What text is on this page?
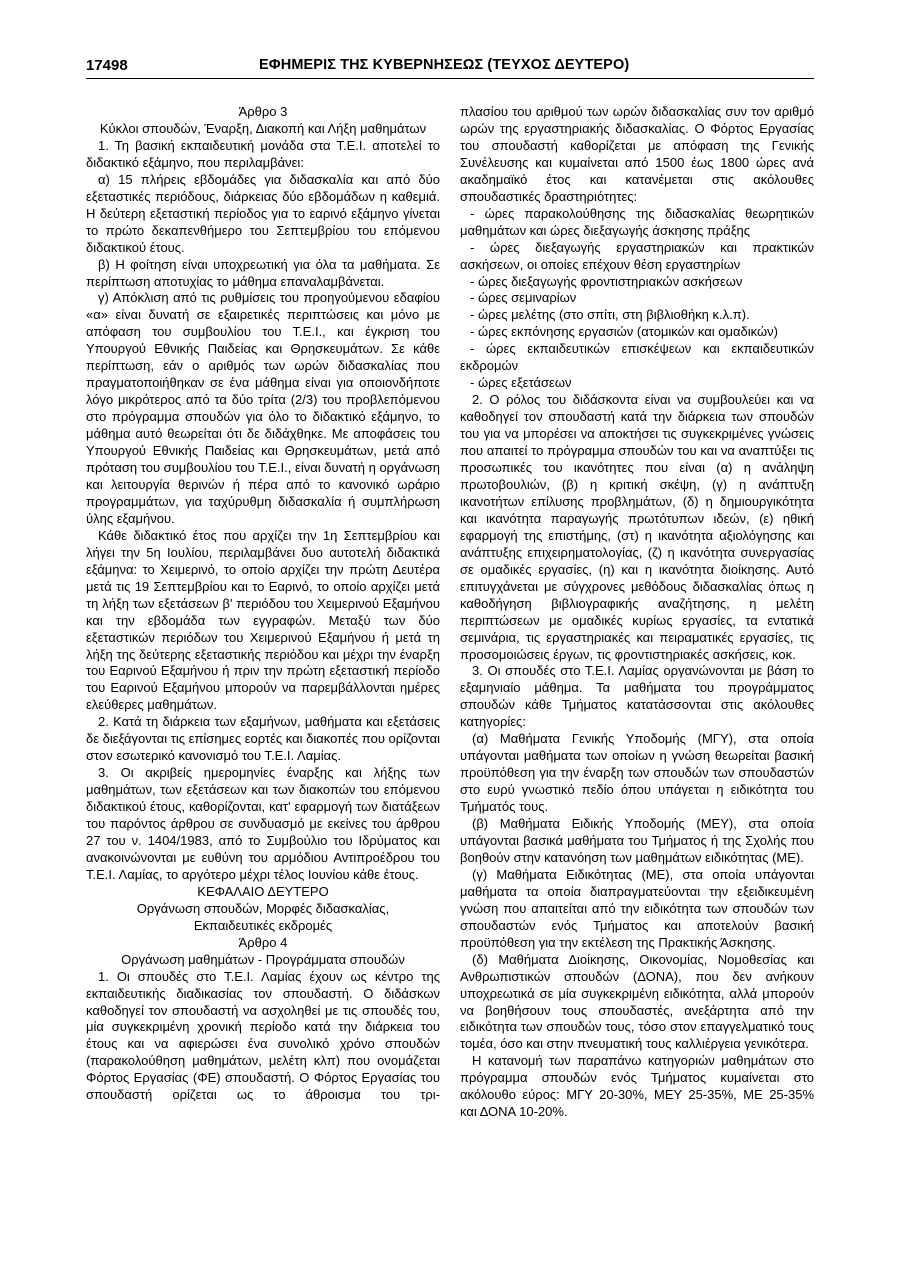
17498	ΕΦΗΜΕΡΙΣ ΤΗΣ ΚΥΒΕΡΝΗΣΕΩΣ (ΤΕΥΧΟΣ ΔΕΥΤΕΡΟ)

Άρθρο 3

Κύκλοι σπουδών, Έναρξη, Διακοπή και Λήξη μαθημάτων

1. Τη βασική εκπαιδευτική μονάδα στα Τ.Ε.Ι. αποτελεί το διδακτικό εξάμηνο, που περιλαμβάνει:

α) 15 πλήρεις εβδομάδες για διδασκαλία και από δύο εξεταστικές περιόδους, διάρκειας δύο εβδομάδων η καθεμιά. Η δεύτερη εξεταστική περίοδος για το εαρινό εξάμηνο γίνεται το πρώτο δεκαπενθήμερο του Σεπτεμβρίου του επόμενου διδακτικού έτους.

β) Η φοίτηση είναι υποχρεωτική για όλα τα μαθήματα. Σε περίπτωση αποτυχίας το μάθημα επαναλαμβάνεται.

γ) Απόκλιση από τις ρυθμίσεις του προηγούμενου εδαφίου «α» είναι δυνατή σε εξαιρετικές περιπτώσεις και μόνο με απόφαση του συμβουλίου του Τ.Ε.Ι., και έγκριση του Υπουργού Εθνικής Παιδείας και Θρησκευμάτων. Σε κάθε περίπτωση, εάν ο αριθμός των ωρών διδασκαλίας που πραγματοποιήθηκαν σε ένα μάθημα είναι για οποιονδήποτε λόγο μικρότερος από τα δύο τρίτα (2/3) του προβλεπόμενου στο πρόγραμμα σπουδών για όλο το διδακτικό εξάμηνο, το μάθημα αυτό θεωρείται ότι δε διδάχθηκε. Με αποφάσεις του Υπουργού Εθνικής Παιδείας και Θρησκευμάτων, μετά από πρόταση του συμβουλίου του Τ.Ε.Ι., είναι δυνατή η οργάνωση και λειτουργία θερινών ή πέρα από το κανονικό ωράριο προγραμμάτων, για ταχύρυθμη διδασκαλία ή συμπλήρωση ύλης εξαμήνου.

Κάθε διδακτικό έτος που αρχίζει την 1η Σεπτεμβρίου και λήγει την 5η Ιουλίου, περιλαμβάνει δυο αυτοτελή διδακτικά εξάμηνα: το Χειμερινό, το οποίο αρχίζει την πρώτη Δευτέρα μετά τις 19 Σεπτεμβρίου και το Εαρινό, το οποίο αρχίζει μετά τη λήξη των εξετάσεων β' περιόδου του Χειμερινού Εξαμήνου και την εβδομάδα των εγγραφών. Μεταξύ των δύο εξεταστικών περιόδων του Χειμερινού Εξαμήνου ή μετά τη λήξη της δεύτερης εξεταστικής περιόδου και μέχρι την έναρξη του Εαρινού Εξαμήνου ή πριν την πρώτη εξεταστική περίοδο του Εαρινού Εξαμήνου μπορούν να παρεμβάλλονται ημέρες ελεύθερες μαθημάτων.

2. Κατά τη διάρκεια των εξαμήνων, μαθήματα και εξετάσεις δε διεξάγονται τις επίσημες εορτές και διακοπές που ορίζονται στον εσωτερικό κανονισμό του Τ.Ε.Ι. Λαμίας.

3. Οι ακριβείς ημερομηνίες έναρξης και λήξης των μαθημάτων, των εξετάσεων και των διακοπών του επόμενου διδακτικού έτους, καθορίζονται, κατ' εφαρμογή των διατάξεων του παρόντος άρθρου σε συνδυασμό με εκείνες του άρθρου 27 του ν. 1404/1983, από το Συμβούλιο του Ιδρύματος και ανακοινώνονται με ευθύνη του αρμόδιου Αντιπροέδρου του Τ.Ε.Ι. Λαμίας, το αργότερο μέχρι τέλος Ιουνίου κάθε έτους.

ΚΕΦΑΛΑΙΟ ΔΕΥΤΕΡΟ

Οργάνωση σπουδών, Μορφές διδασκαλίας,

Εκπαιδευτικές εκδρομές

Άρθρο 4

Οργάνωση μαθημάτων - Προγράμματα σπουδών

1. Οι σπουδές στο Τ.Ε.Ι. Λαμίας έχουν ως κέντρο της εκπαιδευτικής διαδικασίας τον σπουδαστή. Ο διδάσκων καθοδηγεί τον σπουδαστή να ασχοληθεί με τις σπουδές του, μία συγκεκριμένη χρονική περίοδο κατά την διάρκεια του έτους και να αφιερώσει ένα συνολικό χρόνο σπουδών (παρακολούθηση μαθημάτων, μελέτη κλπ) που ονομάζεται Φόρτος Εργασίας (ΦΕ) σπουδαστή. Ο Φόρτος Εργασίας του σπουδαστή ορίζεται ως το άθροισμα του τρι-

πλασίου του αριθμού των ωρών διδασκαλίας συν τον αριθμό ωρών της εργαστηριακής διδασκαλίας. Ο Φόρτος Εργασίας του σπουδαστή καθορίζεται με απόφαση της Γενικής Συνέλευσης και κυμαίνεται από 1500 έως 1800 ώρες ανά ακαδημαϊκό έτος και κατανέμεται στις ακόλουθες σπουδαστικές δραστηριότητες:

- ώρες παρακολούθησης της διδασκαλίας θεωρητικών μαθημάτων και ώρες διεξαγωγής άσκησης πράξης

- ώρες διεξαγωγής εργαστηριακών και πρακτικών ασκήσεων, οι οποίες επέχουν θέση εργαστηρίων

- ώρες διεξαγωγής φροντιστηριακών ασκήσεων

- ώρες σεμιναρίων

- ώρες μελέτης (στο σπίτι, στη βιβλιοθήκη κ.λ.π).

- ώρες εκπόνησης εργασιών (ατομικών και ομαδικών)

- ώρες εκπαιδευτικών επισκέψεων και εκπαιδευτικών εκδρομών

- ώρες εξετάσεων

2. Ο ρόλος του διδάσκοντα είναι να συμβουλεύει και να καθοδηγεί τον σπουδαστή κατά την διάρκεια των σπουδών του για να μπορέσει να αποκτήσει τις συγκεκριμένες γνώσεις που απαιτεί το πρόγραμμα σπουδών του και να αναπτύξει τις προσωπικές του ικανότητες που είναι (α) η ανάληψη πρωτοβουλιών, (β) η κριτική σκέψη, (γ) η ανάπτυξη ικανοτήτων επίλυσης προβλημάτων, (δ) η δημιουργικότητα και ικανότητα παραγωγής πρωτότυπων ιδεών, (ε) ηθική εφαρμογή της επιστήμης, (στ) η ικανότητα αξιολόγησης και ανάπτυξης επιχειρηματολογίας, (ζ) η ικανότητα συνεργασίας σε ομαδικές εργασίες, (η) και η ικανότητα διοίκησης. Αυτό επιτυγχάνεται με σύγχρονες μεθόδους διδασκαλίας όπως η καθοδήγηση βιβλιογραφικής αναζήτησης, η μελέτη περιπτώσεων με ομαδικές κυρίως εργασίες, τα εντατικά σεμινάρια, τις εργαστηριακές και πειραματικές εργασίες, τις προσομοιώσεις έργων, τις φροντιστηριακές ασκήσεις, κοκ.

3. Οι σπουδές στο Τ.Ε.Ι. Λαμίας οργανώνονται με βάση το εξαμηνιαίο μάθημα. Τα μαθήματα του προγράμματος σπουδών κάθε Τμήματος κατατάσσονται στις ακόλουθες κατηγορίες:

(α) Μαθήματα Γενικής Υποδομής (ΜΓΥ), στα οποία υπάγονται μαθήματα των οποίων η γνώση θεωρείται βασική προϋπόθεση για την έναρξη των σπουδών των σπουδαστών στο ευρύ γνωστικό πεδίο όπου υπάγεται η ειδικότητα του Τμήματός τους.

(β) Μαθήματα Ειδικής Υποδομής (ΜΕΥ), στα οποία υπάγονται βασικά μαθήματα του Τμήματος ή της Σχολής που βοηθούν στην κατανόηση των μαθημάτων ειδικότητας (ΜΕ).

(γ) Μαθήματα Ειδικότητας (ΜΕ), στα οποία υπάγονται μαθήματα τα οποία διαπραγματεύονται την εξειδικευμένη γνώση που απαιτείται από την ειδικότητα των σπουδών των σπουδαστών ενός Τμήματος και αποτελούν βασική προϋπόθεση για την εκτέλεση της Πρακτικής Άσκησης.

(δ) Μαθήματα Διοίκησης, Οικονομίας, Νομοθεσίας και Ανθρωπιστικών σπουδών (ΔΟΝΑ), που δεν ανήκουν υποχρεωτικά σε μία συγκεκριμένη ειδικότητα, αλλά μπορούν να βοηθήσουν τους σπουδαστές, ανεξάρτητα από την ειδικότητα των σπουδών τους, τόσο στον επαγγελματικό τους τομέα, όσο και στην πνευματική τους καλλιέργεια γενικότερα.

Η κατανομή των παραπάνω κατηγοριών μαθημάτων στο πρόγραμμα σπουδών ενός Τμήματος κυμαίνεται στο ακόλουθο εύρος: ΜΓΥ 20-30%, ΜΕΥ 25-35%, ΜΕ 25-35% και ΔΟΝΑ 10-20%.
